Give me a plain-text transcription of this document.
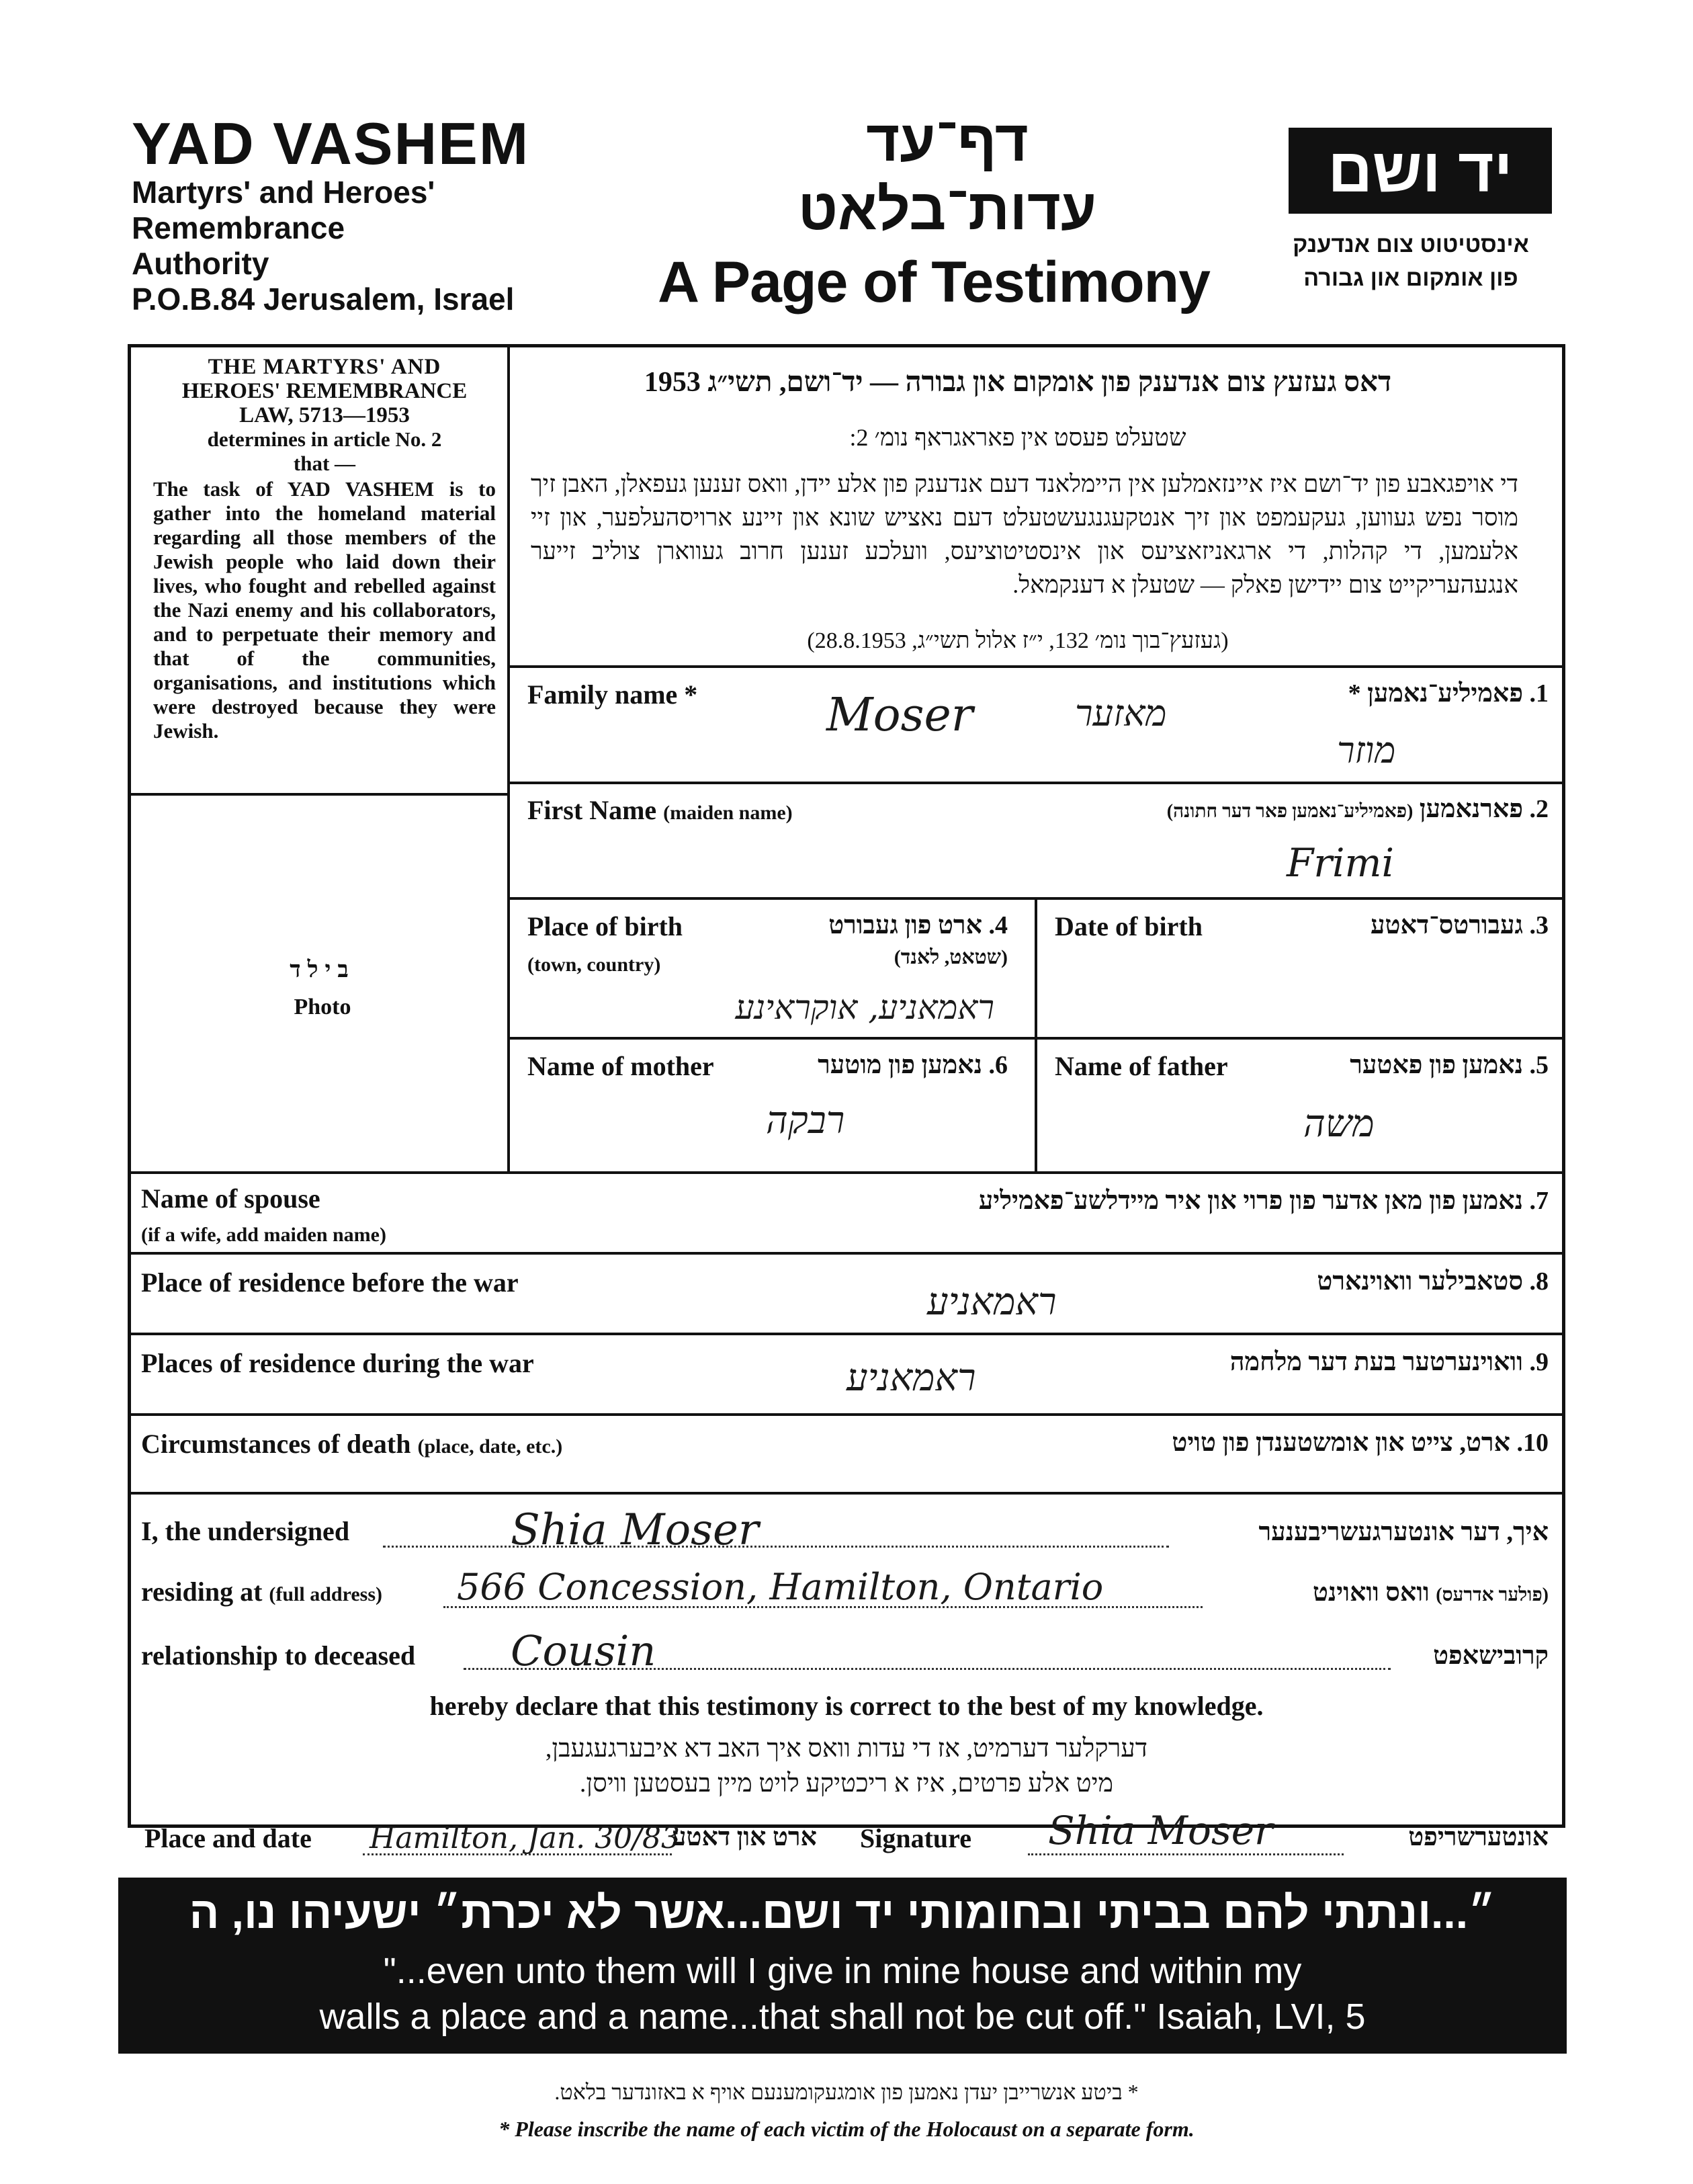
YAD VASHEM
Martyrs' and Heroes'
Remembrance
Authority
P.O.B.84 Jerusalem, Israel
דף־עד
עדות־בלאט
A Page of Testimony
יד ושם
אינסטיטוט צום אנדענק
פון אומקום און גבורה
THE MARTYRS' AND
HEROES' REMEMBRANCE
LAW, 5713—1953
determines in article No. 2
that —
The task of YAD VASHEM is to gather into the homeland material regarding all those members of the Jewish people who laid down their lives, who fought and rebelled against the Nazi enemy and his collaborators, and to perpetuate their memory and that of the communities, organisations, and institutions which were destroyed because they were Jewish.
בילד
Photo
דאס געזעץ צום אנדענק פון אומקום און גבורה — יד־ושם, תשי״ג 1953
שטעלט פעסט אין פאראגראף נומ׳ 2:
די אויפגאבע פון יד־ושם איז איינזאמלען אין היימלאנד דעם אנדענק פון אלע יידן, וואס זענען געפאלן, האבן זיך מוסר נפש געווען, געקעמפט און זיך אנטקעגנגעשטעלט דעם נאציש שונא און זיינע ארויסהעלפער, און זיי אלעמען, די קהלות, די ארגאניזאציעס און אינסטיטוציעס, וועלכע זענען חרוב געווארן צוליב זייער אנגעהעריקייט צום יידישן פאלק — שטעלן א דענקמאל.
(געזעץ־בוך נומ׳ 132, י״ז אלול תשי״ג, 28.8.1953)
Family name *	1. פאמיליע־נאמען *
Moser	מאזער
מוזר
First Name (maiden name)	2. פארנאמען (פאמיליע־נאמען פאר דער חתונה)
Frimi
Place of birth
(town, country)
4. ארט פון געבורט
(שטאט, לאנד)
ראמאניע, אוקראינע
Date of birth	3. געבורטס־דאטע
Name of mother	6. נאמען פון מוטער
רבקה
Name of father	5. נאמען פון פאטער
משה
Name of spouse
(if a wife, add maiden name)
7. נאמען פון מאן אדער פון פרוי און איר מיידלשע־פאמיליע
Place of residence before the war	8. סטאבילער וואוינארט
ראמאניע
Places of residence during the war	9. וואוינערטער בעת דער מלחמה
ראמאניע
Circumstances of death (place, date, etc.)	10. ארט, צייט און אומשטענדן פון טויט
I, the undersigned	Shia Moser	איך, דער אונטערגעשריבענער
residing at (full address) 566 Concession, Hamilton, Ontario	(פולער אדרעס) וואס וואוינט
relationship to deceased Cousin	קרובישאפט
hereby declare that this testimony is correct to the best of my knowledge.
דערקלער דערמיט, אז די עדות וואס איך האב דא איבערגעגעבן,
מיט אלע פרטים, איז א ריכטיקע לויט מיין בעסטען וויסן.
Place and date Hamilton, Jan. 30/83
ארט און דאטע Signature Shia Moser	אונטערשריפט
״...ונתתי להם בביתי ובחומותי יד ושם...אשר לא יכרת״ ישעיהו נו, ה
"...even unto them will I give in mine house and within my
walls a place and a name...that shall not be cut off." Isaiah, LVI, 5
* ביטע אנשרייבן יעדן נאמען פון אומגעקומענעם אויף א באזונדער בלאט.
* Please inscribe the name of each victim of the Holocaust on a separate form.
